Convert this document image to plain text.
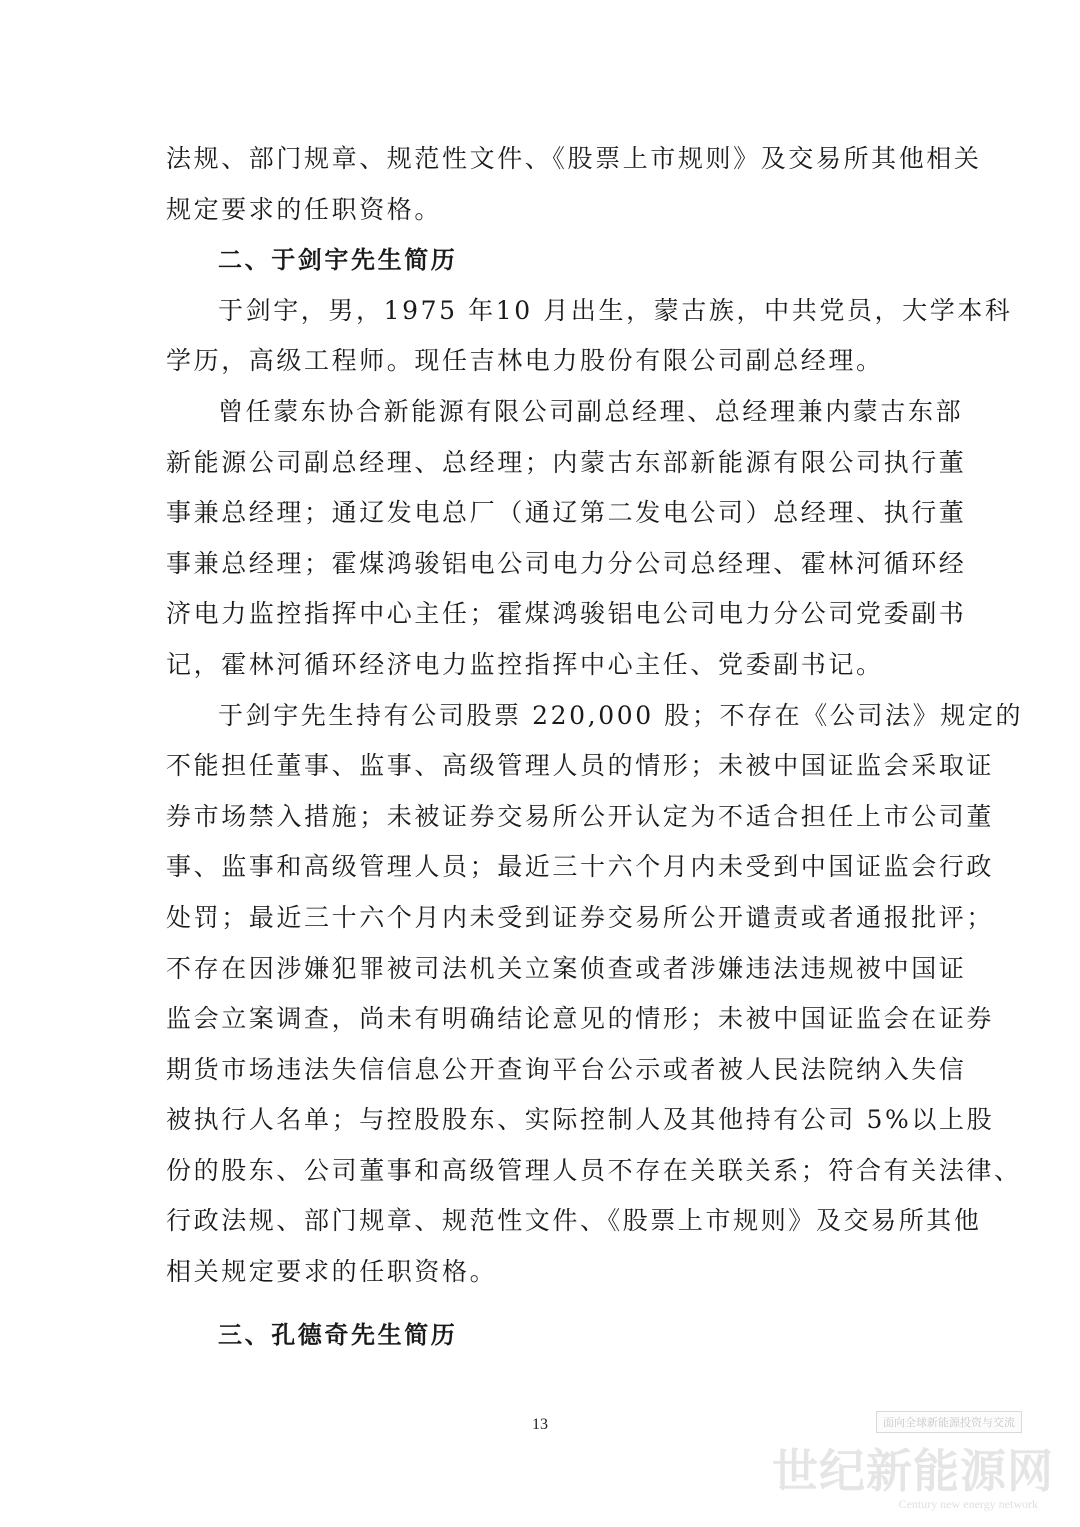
法规、部门规章、规范性文件、《股票上市规则》及交易所其他相关
规定要求的任职资格。
二、于剑宇先生简历
于剑宇，男，1975 年10 月出生，蒙古族，中共党员，大学本科
学历，高级工程师。现任吉林电力股份有限公司副总经理。
曾任蒙东协合新能源有限公司副总经理、总经理兼内蒙古东部
新能源公司副总经理、总经理；内蒙古东部新能源有限公司执行董
事兼总经理；通辽发电总厂（通辽第二发电公司）总经理、执行董
事兼总经理；霍煤鸿骏铝电公司电力分公司总经理、霍林河循环经
济电力监控指挥中心主任；霍煤鸿骏铝电公司电力分公司党委副书
记，霍林河循环经济电力监控指挥中心主任、党委副书记。
于剑宇先生持有公司股票 220,000 股；不存在《公司法》规定的
不能担任董事、监事、高级管理人员的情形；未被中国证监会采取证
券市场禁入措施；未被证券交易所公开认定为不适合担任上市公司董
事、监事和高级管理人员；最近三十六个月内未受到中国证监会行政
处罚；最近三十六个月内未受到证券交易所公开谴责或者通报批评；
不存在因涉嫌犯罪被司法机关立案侦查或者涉嫌违法违规被中国证
监会立案调查，尚未有明确结论意见的情形；未被中国证监会在证券
期货市场违法失信信息公开查询平台公示或者被人民法院纳入失信
被执行人名单；与控股股东、实际控制人及其他持有公司 5%以上股
份的股东、公司董事和高级管理人员不存在关联关系；符合有关法律、
行政法规、部门规章、规范性文件、《股票上市规则》及交易所其他
相关规定要求的任职资格。
三、孔德奇先生简历
13	面向全球新能源投资与交流
世纪新能源网
Century new energy network
